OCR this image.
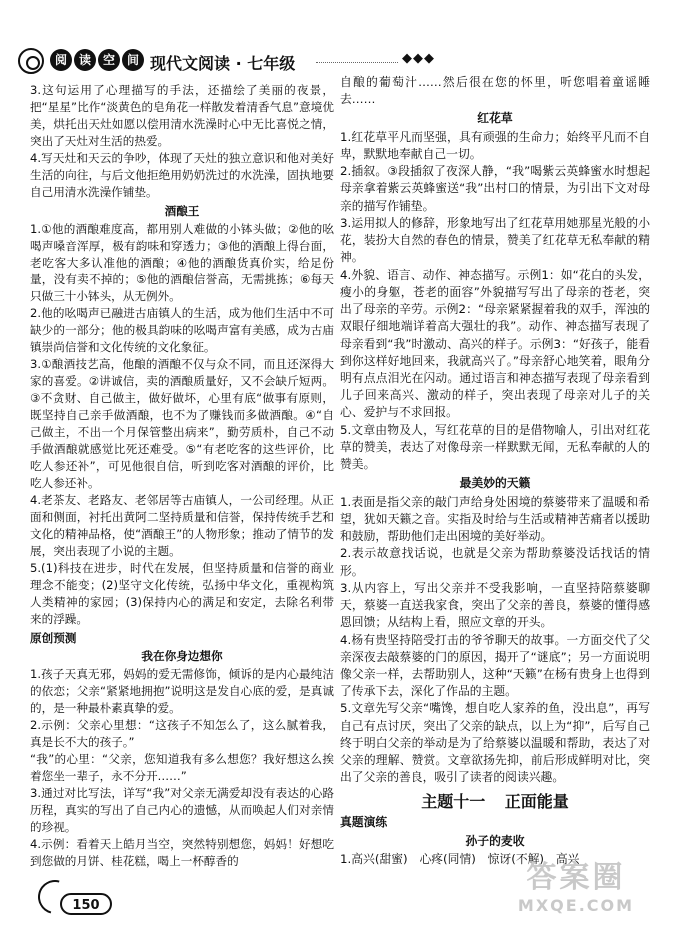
阅 读 空 间 现代文阅读 · 七年级	◆◆◆
3.这句运用了心理描写的手法，还描绘了美丽的夜景，把“星星”比作“淡黄色的皂角花一样散发着清香气息”意境优美，烘托出天灶如愿以偿用清水洗澡时心中无比喜悦之情，突出了天灶对生活的热爱。
4.写天灶和天云的争吵，体现了天灶的独立意识和他对美好生活的向往，与后文他拒绝用奶奶洗过的水洗澡，固执地要自己用清水洗澡作铺垫。
酒酿王
1.①他的酒酿难度高，都用别人难做的小钵头做；②他的吆喝声嗓音浑厚，极有韵味和穿透力；③他的酒酿上得台面，老吃客大多认准他的酒酿；④他的酒酿货真价实，给足份量，没有卖不掉的；⑤他的酒酿信誉高，无需挑拣；⑥每天只做三十小钵头，从无例外。
2.他的吆喝声已融进古庙镇人的生活，成为他们生活中不可缺少的一部分；他的极具韵味的吆喝声富有美感，成为古庙镇崇尚信誉和文化传统的文化象征。
3.①酿酒技艺高，他酿的酒酿不仅与众不同，而且还深得大家的喜爱。②讲诚信，卖的酒酿质量好，又不会缺斤短两。③不贪财、自己做主，做好做坏，心里有底“做事有原则，既坚持自己亲手做酒酿，也不为了赚钱而多做酒酿。④“自己做主，不出一个月保管整出病来”，勤劳质朴，自己不动手做酒酿就感觉比死还难受。⑤“有老吃客的这些评价，比吃人参还补”，可见他很自信，听到吃客对酒酿的评价，比吃人参还补。
4.老茶友、老路友、老邻居等古庙镇人，一公司经理。从正面和侧面，衬托出黄阿二坚持质量和信誉，保持传统手艺和文化的精神品格，使“酒酿王”的人物形象；推动了情节的发展，突出表现了小说的主题。
5.(1)科技在进步，时代在发展，但坚持质量和信誉的商业理念不能变；(2)坚守文化传统，弘扬中华文化，重视构筑人类精神的家园；(3)保持内心的满足和安定，去除名利带来的浮躁。
原创预测
我在你身边想你
1.孩子天真无邪，妈妈的爱无需修饰，倾诉的是内心最纯洁的依恋；父亲“紧紧地拥抱”说明这是发自心底的爱，是真诚的，是一种最朴素真挚的爱。
2.示例：父亲心里想：“这孩子不知怎么了，这么腻着我，真是长不大的孩子。”
“我”的心里：“父亲，您知道我有多么想您？我好想这么挨着您坐一辈子，永不分开……”
3.通过对比写法，详写“我”对父亲无满爱却没有表达的心路历程，真实的写出了自己内心的遗憾，从而唤起人们对亲情的珍视。
4.示例：看着天上皓月当空，突然特别想您，妈妈！好想吃到您做的月饼、桂花糕，喝上一杯醇香的
自酿的葡萄汁……然后很在您的怀里，听您唱着童谣睡去……
红花草
1.红花草平凡而坚强，具有顽强的生命力；始终平凡而不自卑，默默地奉献自己一切。
2.插叙。③段插叙了夜深人静，“我”喝紫云英蜂蜜水时想起母亲拿着紫云英蜂蜜送“我”出村口的情景，为引出下文对母亲的描写作铺垫。
3.运用拟人的修辞，形象地写出了红花草用她那星光般的小花，装扮大自然的春色的情景，赞美了红花草无私奉献的精神。
4.外貌、语言、动作、神态描写。示例1：如“花白的头发，瘦小的身躯，苍老的面容”外貌描写写出了母亲的苍老，突出了母亲的辛劳。示例2：“母亲紧紧握着我的双手，浑浊的双眼仔细地端详着高大强壮的我”。动作、神态描写表现了母亲看到“我”时激动、高兴的样子。示例3：“好孩子，能看到你这样好地回来，我就高兴了。”母亲舒心地笑着，眼角分明有点点泪光在闪动。通过语言和神态描写表现了母亲看到儿子回来高兴、激动的样子，突出表现了母亲对儿子的关心、爱护与不求回报。
5.文章由物及人，写红花草的目的是借物喻人，引出对红花草的赞美，表达了对像母亲一样默默无闻，无私奉献的人的赞美。
最美妙的天籁
1.表面是指父亲的敲门声给身处困境的蔡婆带来了温暖和希望，犹如天籁之音。实指及时给与生活或精神苦痛者以援助和鼓励，帮助他们走出困境的美好举动。
2.表示故意找话说，也就是父亲为帮助蔡婆没话找话的情形。
3.从内容上，写出父亲并不受我影响，一直坚持陪蔡婆聊天，蔡婆一直送我家食，突出了父亲的善良，蔡婆的懂得感恩回馈；从结构上看，照应文章的开头。
4.杨有贵坚持陪受打击的爷爷聊天的故事。一方面交代了父亲深夜去敲蔡婆的门的原因，揭开了“谜底”；另一方面说明像父亲一样，去帮助别人，这种“天籁”在杨有贵身上也得到了传承下去，深化了作品的主题。
5.文章先写父亲“嘴馋，想自吃人家养的鱼，没出息”，再写自己有点讨厌，突出了父亲的缺点，以上为“抑”，后写自己终于明白父亲的举动是为了给蔡婆以温暖和帮助，表达了对父亲的理解、赞赏。文章欲扬先抑，前后形成鲜明对比，突出了父亲的善良，吸引了读者的阅读兴趣。
主题十一 正面能量
真题演练
孙子的麦收
1.高兴(甜蜜)　心疼(同情)　惊讶(不解)　高兴
150
答案圈
MXQE.COM
